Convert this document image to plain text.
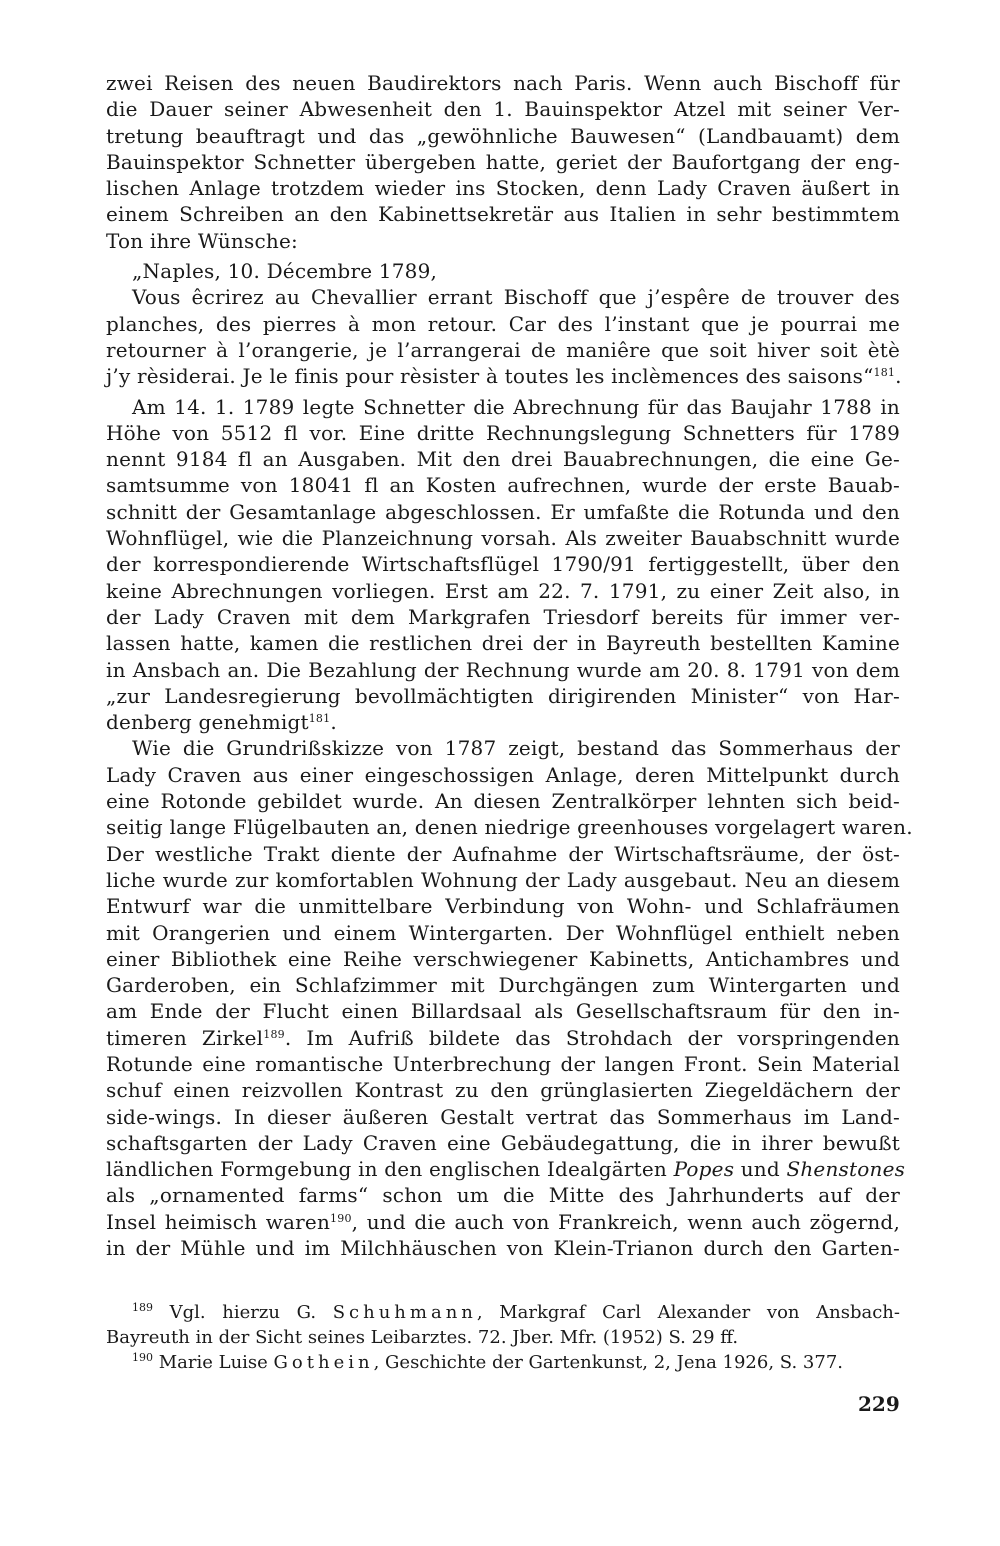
zwei Reisen des neuen Baudirektors nach Paris. Wenn auch Bischoff für
die Dauer seiner Abwesenheit den 1. Bauinspektor Atzel mit seiner Ver-
tretung beauftragt und das „gewöhnliche Bauwesen“ (Landbauamt) dem
Bauinspektor Schnetter übergeben hatte, geriet der Baufortgang der eng-
lischen Anlage trotzdem wieder ins Stocken, denn Lady Craven äußert in
einem Schreiben an den Kabinettsekretär aus Italien in sehr bestimmtem
Ton ihre Wünsche:
„Naples, 10. Décembre 1789,
Vous êcrirez au Chevallier errant Bischoff que j’espêre de trouver des
planches, des pierres à mon retour. Car des l’instant que je pourrai me
retourner à l’orangerie, je l’arrangerai de maniêre que soit hiver soit ètè
j’y rèsiderai. Je le finis pour rèsister à toutes les inclèmences des saisons“$^{181}$.
Am 14. 1. 1789 legte Schnetter die Abrechnung für das Baujahr 1788 in
Höhe von 5512 fl vor. Eine dritte Rechnungslegung Schnetters für 1789
nennt 9184 fl an Ausgaben. Mit den drei Bauabrechnungen, die eine Ge-
samtsumme von 18041 fl an Kosten aufrechnen, wurde der erste Bauab-
schnitt der Gesamtanlage abgeschlossen. Er umfaßte die Rotunda und den
Wohnflügel, wie die Planzeichnung vorsah. Als zweiter Bauabschnitt wurde
der korrespondierende Wirtschaftsflügel 1790/91 fertiggestellt, über den
keine Abrechnungen vorliegen. Erst am 22. 7. 1791, zu einer Zeit also, in
der Lady Craven mit dem Markgrafen Triesdorf bereits für immer ver-
lassen hatte, kamen die restlichen drei der in Bayreuth bestellten Kamine
in Ansbach an. Die Bezahlung der Rechnung wurde am 20. 8. 1791 von dem
„zur Landesregierung bevollmächtigten dirigirenden Minister“ von Har-
denberg genehmigt$^{181}$.
Wie die Grundrißskizze von 1787 zeigt, bestand das Sommerhaus der
Lady Craven aus einer eingeschossigen Anlage, deren Mittelpunkt durch
eine Rotonde gebildet wurde. An diesen Zentralkörper lehnten sich beid-
seitig lange Flügelbauten an, denen niedrige greenhouses vorgelagert waren.
Der westliche Trakt diente der Aufnahme der Wirtschaftsräume, der öst-
liche wurde zur komfortablen Wohnung der Lady ausgebaut. Neu an diesem
Entwurf war die unmittelbare Verbindung von Wohn- und Schlafräumen
mit Orangerien und einem Wintergarten. Der Wohnflügel enthielt neben
einer Bibliothek eine Reihe verschwiegener Kabinetts, Antichambres und
Garderoben, ein Schlafzimmer mit Durchgängen zum Wintergarten und
am Ende der Flucht einen Billardsaal als Gesellschaftsraum für den in-
timeren Zirkel$^{189}$. Im Aufriß bildete das Strohdach der vorspringenden
Rotunde eine romantische Unterbrechung der langen Front. Sein Material
schuf einen reizvollen Kontrast zu den grünglasierten Ziegeldächern der
side-wings. In dieser äußeren Gestalt vertrat das Sommerhaus im Land-
schaftsgarten der Lady Craven eine Gebäudegattung, die in ihrer bewußt
ländlichen Formgebung in den englischen Idealgärten Popes und Shenstones
als „ornamented farms“ schon um die Mitte des Jahrhunderts auf der
Insel heimisch waren$^{190}$, und die auch von Frankreich, wenn auch zögernd,
in der Mühle und im Milchhäuschen von Klein-Trianon durch den Garten-
$^{189}$ Vgl. hierzu G. Schuhmann, Markgraf Carl Alexander von Ansbach-
Bayreuth in der Sicht seines Leibarztes. 72. Jber. Mfr. (1952) S. 29 ff.
$^{190}$ Marie Luise Gothein, Geschichte der Gartenkunst, 2, Jena 1926, S. 377.
229
